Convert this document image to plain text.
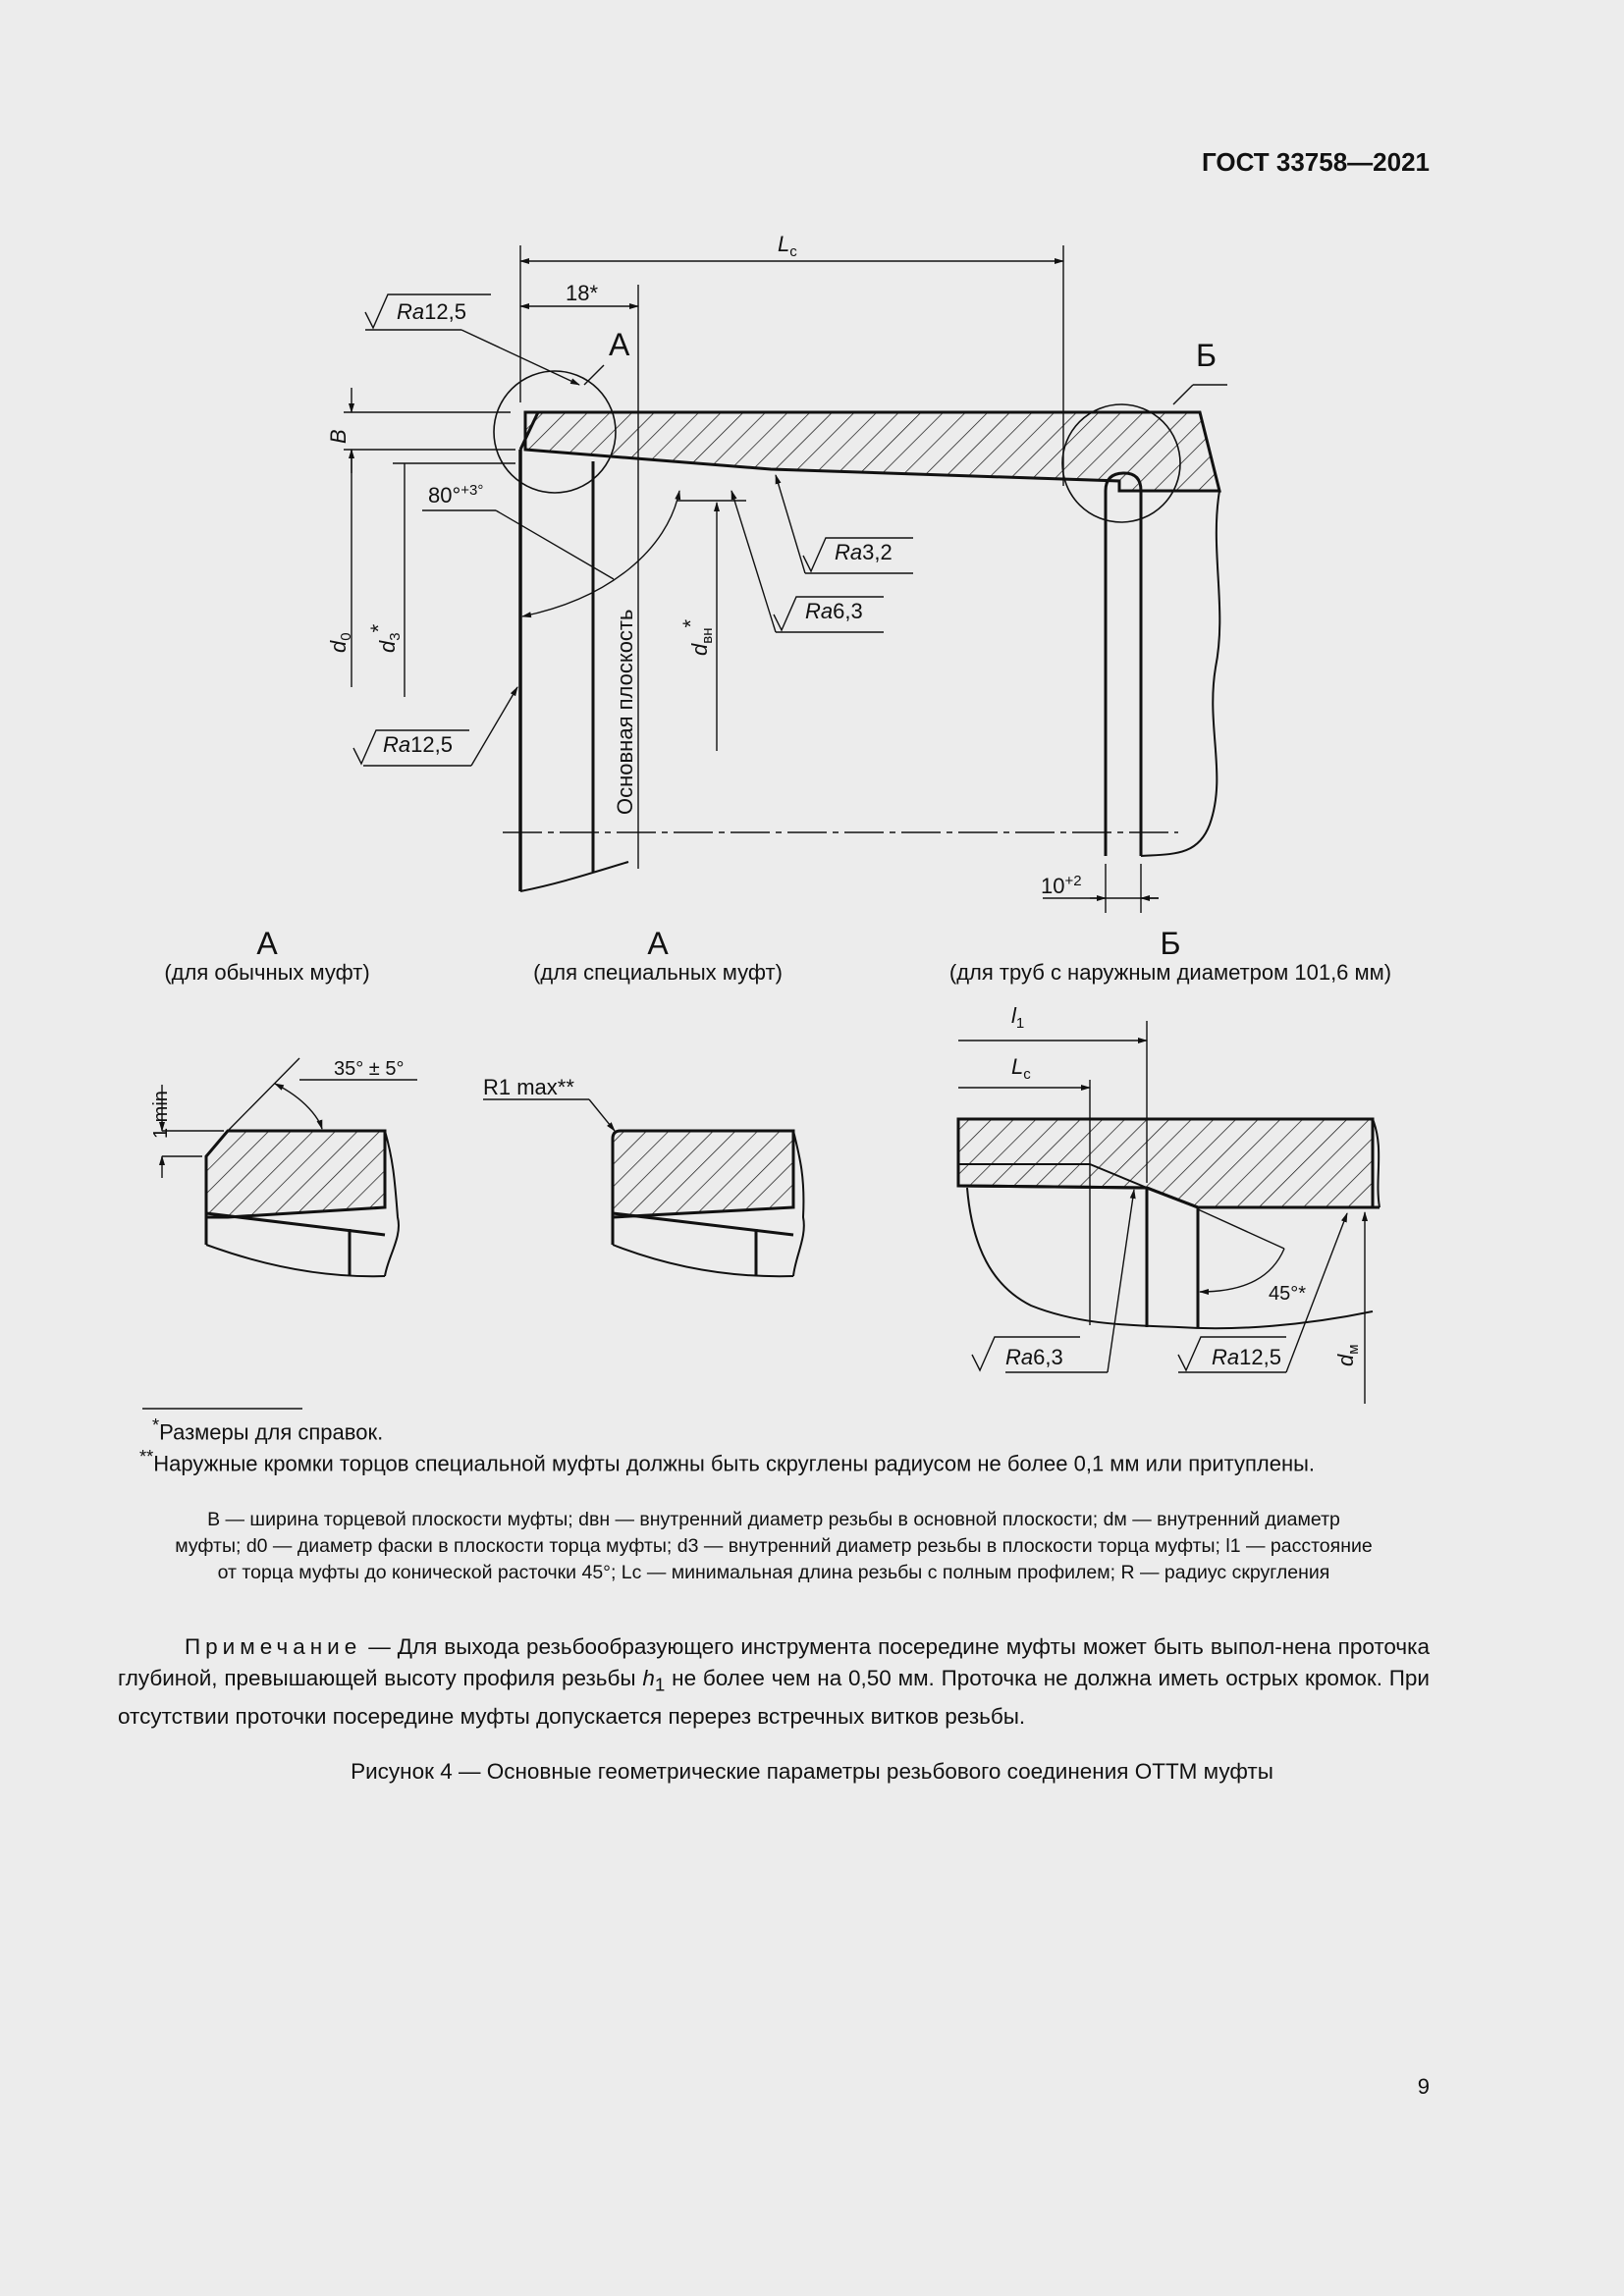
ГОСТ 33758—2021
$L_c$
18*
Ra12,5
А	Б
B
80°$^{+3^\circ}$
Ra3,2
Ra6,3
Ra12,5
$d_0$
$d_3*$
$d_{вн}*$
Основная плоскость
$10^{+2}$
А
(для обычных муфт)
А
(для специальных муфт)
Б
(для труб с наружным диаметром 101,6 мм)
1 min
35° ± 5°
R1 max**
l1
Lc
45°*
Ra6,3	Ra12,5 $d_м$
*Размеры для справок.
**Наружные кромки торцов специальной муфты должны быть скруглены радиусом не более 0,1 мм или притуплены.
B — ширина торцевой плоскости муфты; dвн — внутренний диаметр резьбы в основной плоскости; dм — внутренний диаметр
муфты; d0 — диаметр фаски в плоскости торца муфты; d3 — внутренний диаметр резьбы в плоскости торца муфты; l1 — расстояние
от торца муфты до конической расточки 45°; Lc — минимальная длина резьбы с полным профилем; R — радиус скругления
Примечание — Для выхода резьбообразующего инструмента посередине муфты может быть выпол-нена проточка глубиной, превышающей высоту профиля резьбы $h_1$ не более чем на 0,50 мм. Проточка не должна иметь острых кромок. При отсутствии проточки посередине муфты допускается перерез встречных витков резьбы.
Рисунок 4 — Основные геометрические параметры резьбового соединения ОТТМ муфты
9
